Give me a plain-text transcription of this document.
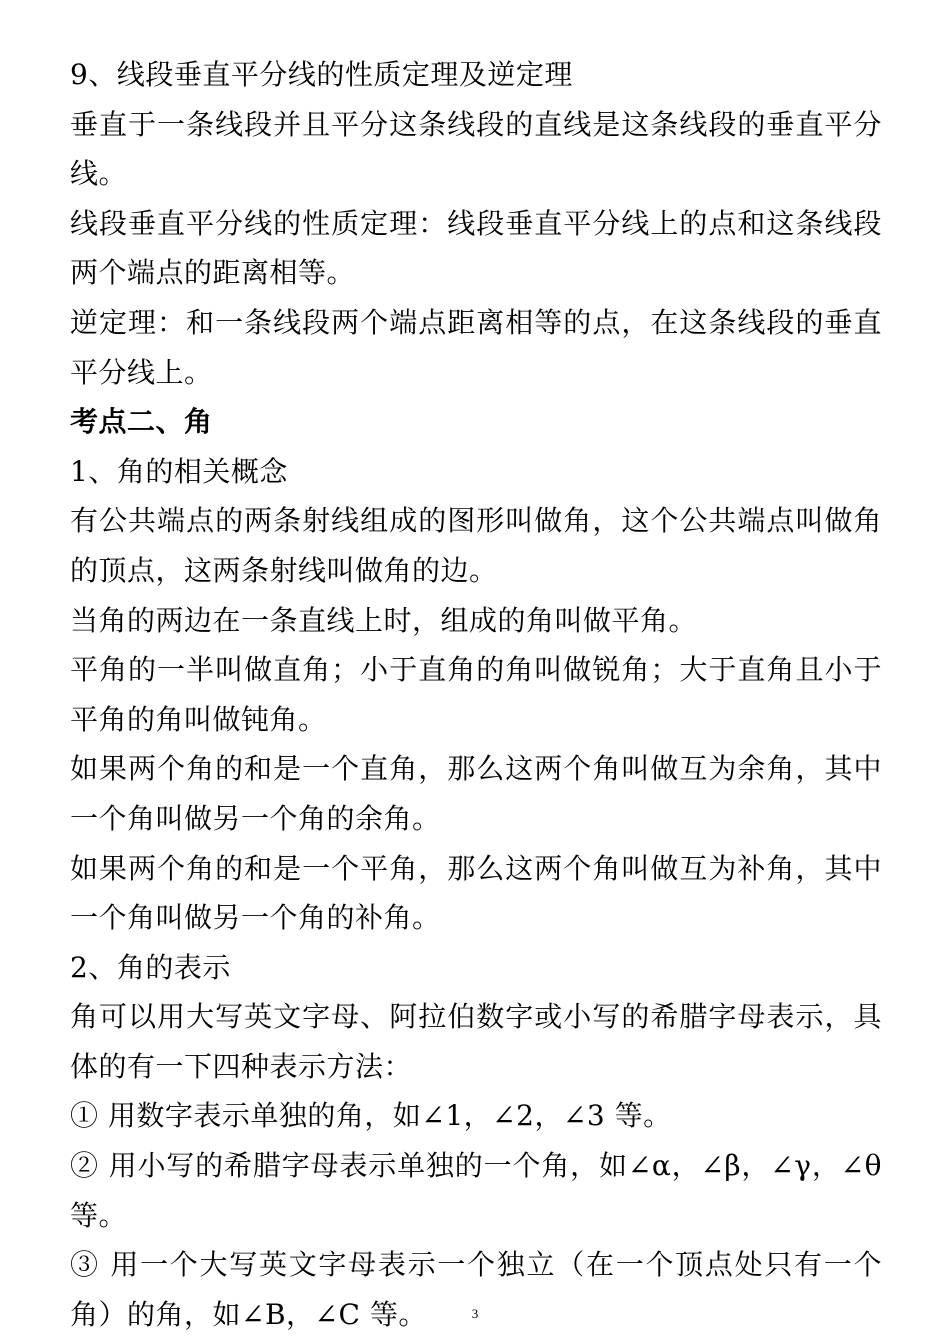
9、线段垂直平分线的性质定理及逆定理

垂直于一条线段并且平分这条线段的直线是这条线段的垂直平分线。

线段垂直平分线的性质定理：线段垂直平分线上的点和这条线段两个端点的距离相等。

逆定理：和一条线段两个端点距离相等的点，在这条线段的垂直平分线上。

考点二、角

1、角的相关概念

有公共端点的两条射线组成的图形叫做角，这个公共端点叫做角的顶点，这两条射线叫做角的边。

当角的两边在一条直线上时，组成的角叫做平角。

平角的一半叫做直角；小于直角的角叫做锐角；大于直角且小于平角的角叫做钝角。

如果两个角的和是一个直角，那么这两个角叫做互为余角，其中一个角叫做另一个角的余角。

如果两个角的和是一个平角，那么这两个角叫做互为补角，其中一个角叫做另一个角的补角。

2、角的表示

角可以用大写英文字母、阿拉伯数字或小写的希腊字母表示，具体的有一下四种表示方法：

① 用数字表示单独的角，如∠1，∠2，∠3 等。

② 用小写的希腊字母表示单独的一个角，如∠α，∠β，∠γ，∠θ 等。

③ 用一个大写英文字母表示一个独立（在一个顶点处只有一个角）的角，如∠B，∠C 等。	3
